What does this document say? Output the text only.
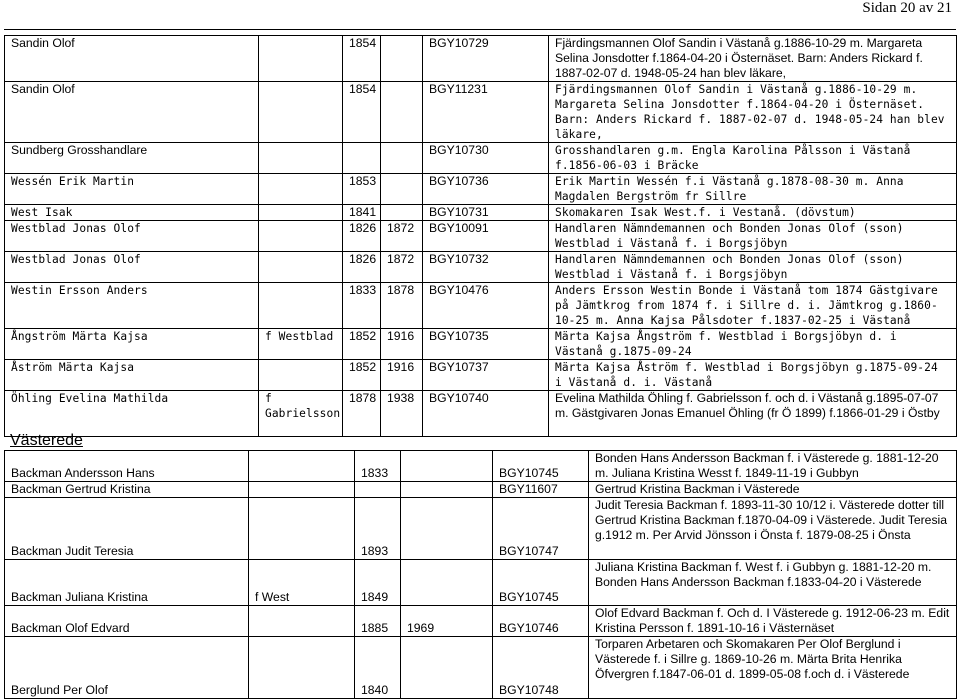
Sidan 20 av 21
Sandin Olof		1854		BGY10729	Fjärdingsmannen Olof Sandin i Västanå g.1886-10-29 m. Margareta Selina Jonsdotter f.1864-04-20 i Östernäset. Barn: Anders Rickard f. 1887-02-07 d. 1948-05-24 han blev läkare,
Sandin Olof		1854		BGY11231	Fjärdingsmannen Olof Sandin i Västanå g.1886-10-29 m. Margareta Selina Jonsdotter f.1864-04-20 i Östernäset. Barn: Anders Rickard f. 1887-02-07 d. 1948-05-24 han blev läkare,
Sundberg Grosshandlare				BGY10730	Grosshandlaren g.m. Engla Karolina Pålsson i Västanå f.1856-06-03 i Bräcke
Wessén Erik Martin		1853		BGY10736	Erik Martin Wessén f.i Västanå g.1878-08-30 m. Anna Magdalen Bergström fr Sillre
West Isak		1841		BGY10731	Skomakaren Isak West.f. i Vestanå. (dövstum)
Westblad Jonas Olof		1826	1872	BGY10091	Handlaren Nämndemannen och Bonden Jonas Olof (sson) Westblad i Västanå f. i Borgsjöbyn
Westblad Jonas Olof		1826	1872	BGY10732	Handlaren Nämndemannen och Bonden Jonas Olof (sson) Westblad i Västanå f. i Borgsjöbyn
Westin Ersson Anders		1833	1878	BGY10476	Anders Ersson Westin Bonde i Västanå tom 1874 Gästgivare på Jämtkrog from 1874 f. i Sillre d. i. Jämtkrog g.1860-10-25 m. Anna Kajsa Pålsdoter f.1837-02-25 i Västanå
Ångström Märta Kajsa	f Westblad	1852	1916	BGY10735	Märta Kajsa Ångström f. Westblad i Borgsjöbyn d. i Västanå g.1875-09-24
Åström Märta Kajsa		1852	1916	BGY10737	Märta Kajsa Åström f. Westblad i Borgsjöbyn g.1875-09-24 i Västanå d. i. Västanå
Öhling Evelina Mathilda	f Gabrielsson	1878	1938	BGY10740	Evelina Mathilda Öhling f. Gabrielsson f. och d. i Västanå g.1895-07-07 m. Gästgivaren Jonas Emanuel Öhling (fr Ö 1899) f.1866-01-29 i Östby
Västerede
Backman Andersson Hans		1833		BGY10745	Bonden Hans Andersson Backman f. i Västerede g. 1881-12-20 m. Juliana Kristina Wesst f. 1849-11-19 i Gubbyn
Backman Gertrud Kristina				BGY11607	Gertrud Kristina Backman i Västerede
Backman Judit Teresia		1893		BGY10747	Judit Teresia Backman f. 1893-11-30 10/12 i. Västerede dotter till Gertrud Kristina Backman f.1870-04-09 i Västerede. Judit Teresia g.1912 m. Per Arvid Jönsson i Önsta f. 1879-08-25 i Önsta
Backman Juliana Kristina	f West	1849		BGY10745	Juliana Kristina Backman f. West f. i Gubbyn g. 1881-12-20 m. Bonden Hans Andersson Backman f.1833-04-20 i Västerede
Backman Olof Edvard		1885	1969	BGY10746	Olof Edvard Backman f. Och d. I Västerede g. 1912-06-23 m. Edit Kristina Persson f. 1891-10-16 i Västernäset
Berglund Per Olof		1840		BGY10748	Torparen Arbetaren och Skomakaren Per Olof Berglund i Västerede f. i Sillre g. 1869-10-26 m. Märta Brita Henrika Öfvergren f.1847-06-01 d. 1899-05-08 f.och d. i Västerede
